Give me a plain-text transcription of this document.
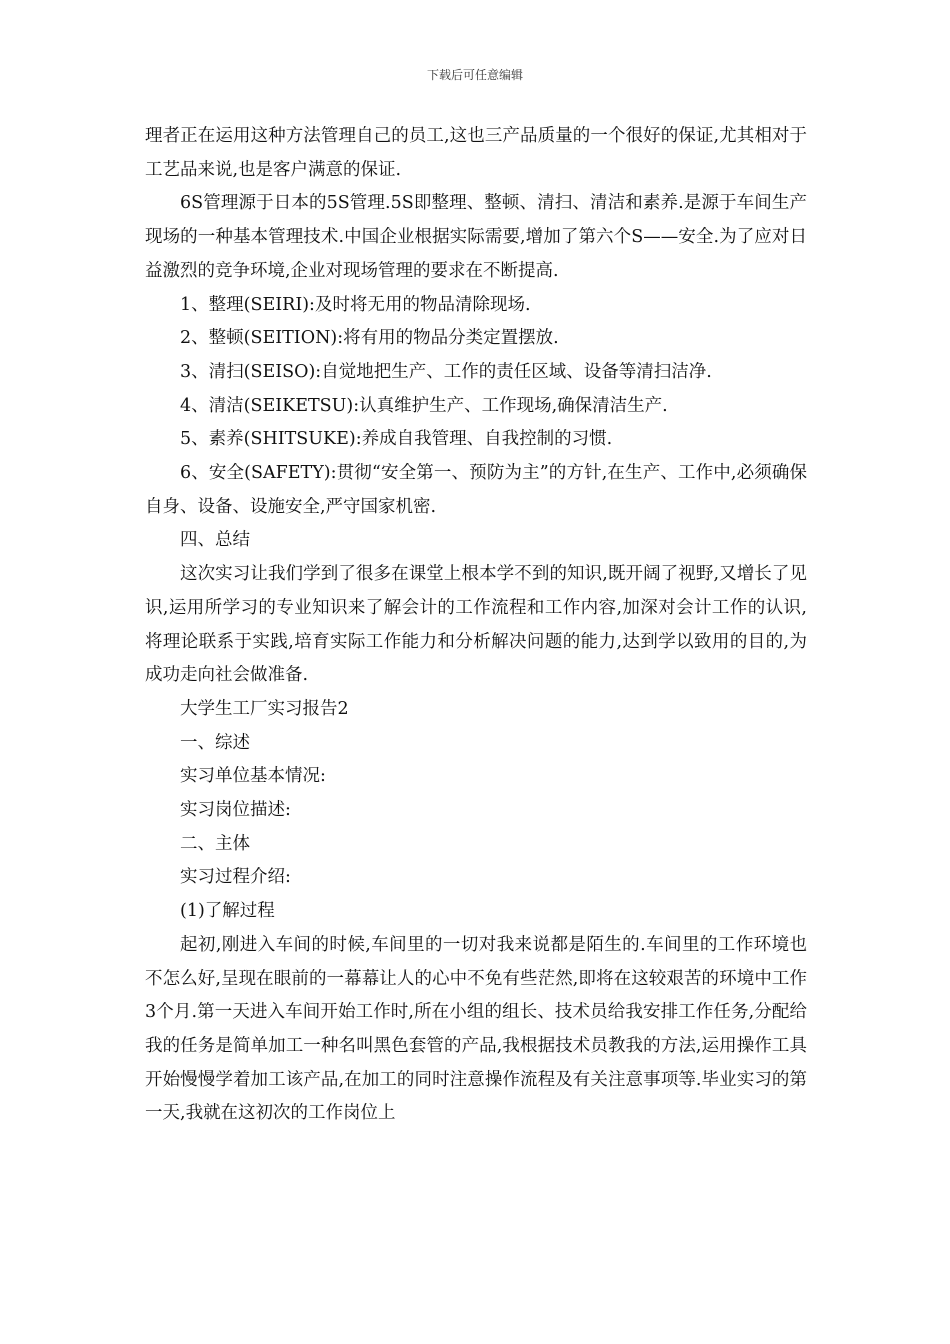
下载后可任意编辑

理者正在运用这种方法管理自己的员工,这也三产品质量的一个很好的保证,尤其相对于工艺品来说,也是客户满意的保证.

6S管理源于日本的5S管理.5S即整理、整顿、清扫、清洁和素养.是源于车间生产现场的一种基本管理技术.中国企业根据实际需要,增加了第六个S——安全.为了应对日益激烈的竞争环境,企业对现场管理的要求在不断提高.

1、整理(SEIRI):及时将无用的物品清除现场.

2、整顿(SEITION):将有用的物品分类定置摆放.

3、清扫(SEISO):自觉地把生产、工作的责任区域、设备等清扫洁净.

4、清洁(SEIKETSU):认真维护生产、工作现场,确保清洁生产.

5、素养(SHITSUKE):养成自我管理、自我控制的习惯.

6、安全(SAFETY):贯彻“安全第一、预防为主”的方针,在生产、工作中,必须确保自身、设备、设施安全,严守国家机密.

四、总结

这次实习让我们学到了很多在课堂上根本学不到的知识,既开阔了视野,又增长了见识,运用所学习的专业知识来了解会计的工作流程和工作内容,加深对会计工作的认识,将理论联系于实践,培育实际工作能力和分析解决问题的能力,达到学以致用的目的,为成功走向社会做准备.

大学生工厂实习报告2

一、综述

实习单位基本情况:

实习岗位描述:

二、主体

实习过程介绍:

(1)了解过程

起初,刚进入车间的时候,车间里的一切对我来说都是陌生的.车间里的工作环境也不怎么好,呈现在眼前的一幕幕让人的心中不免有些茫然,即将在这较艰苦的环境中工作3个月.第一天进入车间开始工作时,所在小组的组长、技术员给我安排工作任务,分配给我的任务是简单加工一种名叫黑色套管的产品,我根据技术员教我的方法,运用操作工具开始慢慢学着加工该产品,在加工的同时注意操作流程及有关注意事项等.毕业实习的第一天,我就在这初次的工作岗位上
